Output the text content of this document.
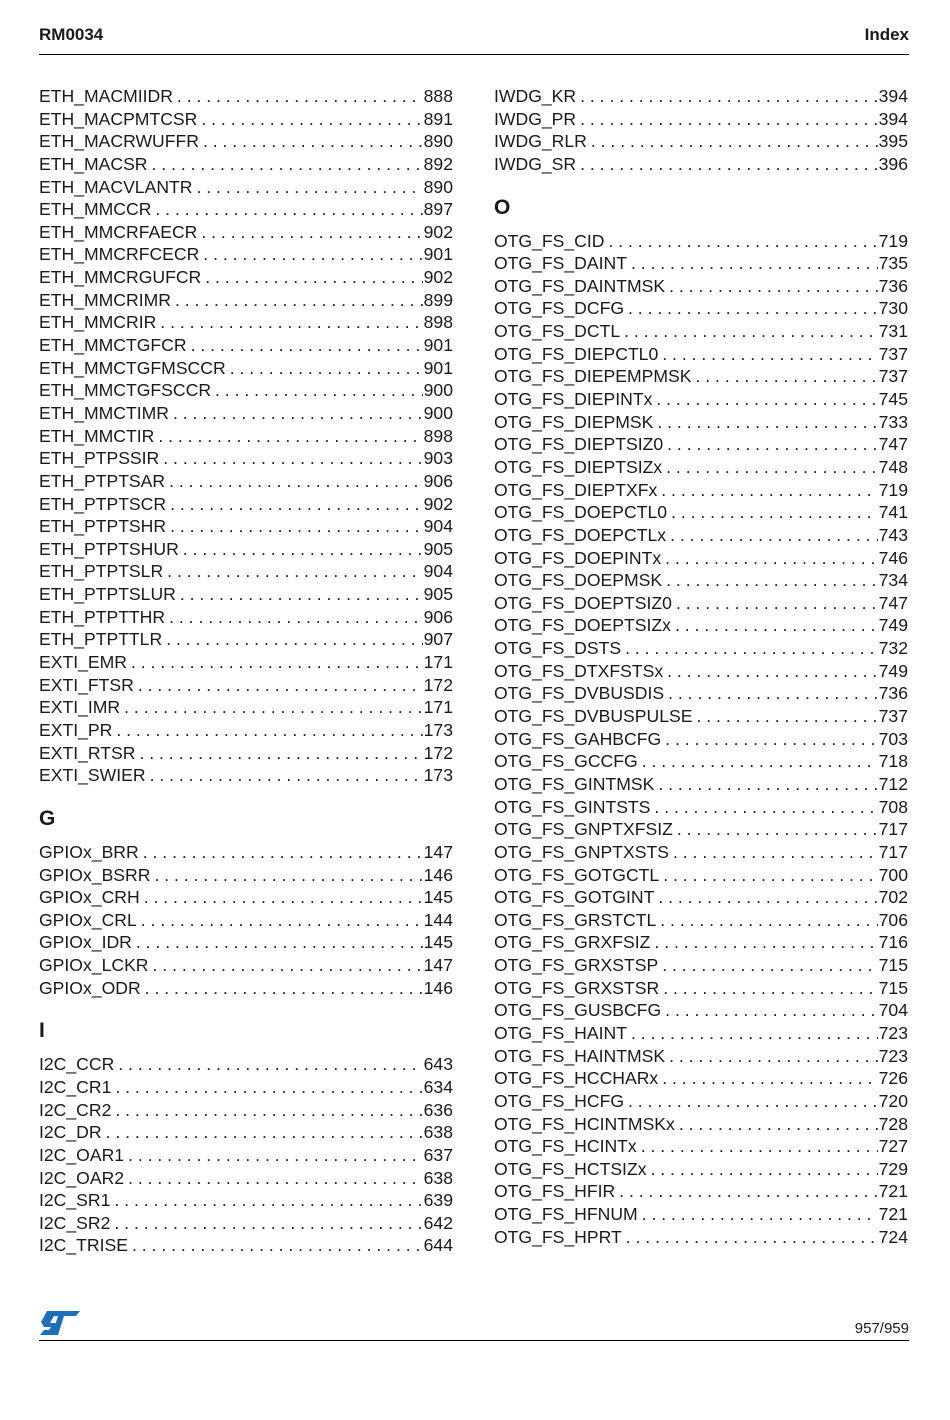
RM0034	Index
ETH_MACMIIDR . . .	888
ETH_MACPMTCSR . . .	891
ETH_MACRWUFFR . . .	890
ETH_MACSR . . .	892
ETH_MACVLANTR . . .	890
ETH_MMCCR . . .	897
ETH_MMCRFAECR . . .	902
ETH_MMCRFCECR . . .	901
ETH_MMCRGUFCR . . .	902
ETH_MMCRIMR . . .	899
ETH_MMCRIR . . .	898
ETH_MMCTGFCR . . .	901
ETH_MMCTGFMSCCR . . .	901
ETH_MMCTGFSCCR . . .	900
ETH_MMCTIMR . . .	900
ETH_MMCTIR . . .	898
ETH_PTPSSIR . . .	903
ETH_PTPTSAR . . .	906
ETH_PTPTSCR . . .	902
ETH_PTPTSHR . . .	904
ETH_PTPTSHUR . . .	905
ETH_PTPTSLR . . .	904
ETH_PTPTSLUR . . .	905
ETH_PTPTTHR . . .	906
ETH_PTPTTLR . . .	907
EXTI_EMR . . .	171
EXTI_FTSR . . .	172
EXTI_IMR . . .	171
EXTI_PR . . .	173
EXTI_RTSR . . .	172
EXTI_SWIER . . .	173
G
GPIOx_BRR . . .	147
GPIOx_BSRR . . .	146
GPIOx_CRH . . .	145
GPIOx_CRL . . .	144
GPIOx_IDR . . .	145
GPIOx_LCKR . . .	147
GPIOx_ODR . . .	146
I
I2C_CCR . . .	643
I2C_CR1 . . .	634
I2C_CR2 . . .	636
I2C_DR . . .	638
I2C_OAR1 . . .	637
I2C_OAR2 . . .	638
I2C_SR1 . . .	639
I2C_SR2 . . .	642
I2C_TRISE . . .	644
IWDG_KR . . .	394
IWDG_PR . . .	394
IWDG_RLR . . .	395
IWDG_SR . . .	396
O
OTG_FS_CID . . .	719
OTG_FS_DAINT . . .	735
OTG_FS_DAINTMSK . . .	736
OTG_FS_DCFG . . .	730
OTG_FS_DCTL . . .	731
OTG_FS_DIEPCTL0 . . .	737
OTG_FS_DIEPEMPMSK . . .	737
OTG_FS_DIEPINTx . . .	745
OTG_FS_DIEPMSK . . .	733
OTG_FS_DIEPTSIZ0 . . .	747
OTG_FS_DIEPTSIZx . . .	748
OTG_FS_DIEPTXFx . . .	719
OTG_FS_DOEPCTL0 . . .	741
OTG_FS_DOEPCTLx . . .	743
OTG_FS_DOEPINTx . . .	746
OTG_FS_DOEPMSK . . .	734
OTG_FS_DOEPTSIZ0 . . .	747
OTG_FS_DOEPTSIZx . . .	749
OTG_FS_DSTS . . .	732
OTG_FS_DTXFSTSx . . .	749
OTG_FS_DVBUSDIS . . .	736
OTG_FS_DVBUSPULSE . . .	737
OTG_FS_GAHBCFG . . .	703
OTG_FS_GCCFG . . .	718
OTG_FS_GINTMSK . . .	712
OTG_FS_GINTSTS . . .	708
OTG_FS_GNPTXFSIZ . . .	717
OTG_FS_GNPTXSTS . . .	717
OTG_FS_GOTGCTL . . .	700
OTG_FS_GOTGINT . . .	702
OTG_FS_GRSTCTL . . .	706
OTG_FS_GRXFSIZ . . .	716
OTG_FS_GRXSTSP . . .	715
OTG_FS_GRXSTSR . . .	715
OTG_FS_GUSBCFG . . .	704
OTG_FS_HAINT . . .	723
OTG_FS_HAINTMSK . . .	723
OTG_FS_HCCHARx . . .	726
OTG_FS_HCFG . . .	720
OTG_FS_HCINTMSKx . . .	728
OTG_FS_HCINTx . . .	727
OTG_FS_HCTSIZx . . .	729
OTG_FS_HFIR . . .	721
OTG_FS_HFNUM . . .	721
OTG_FS_HPRT . . .	724
957/959
